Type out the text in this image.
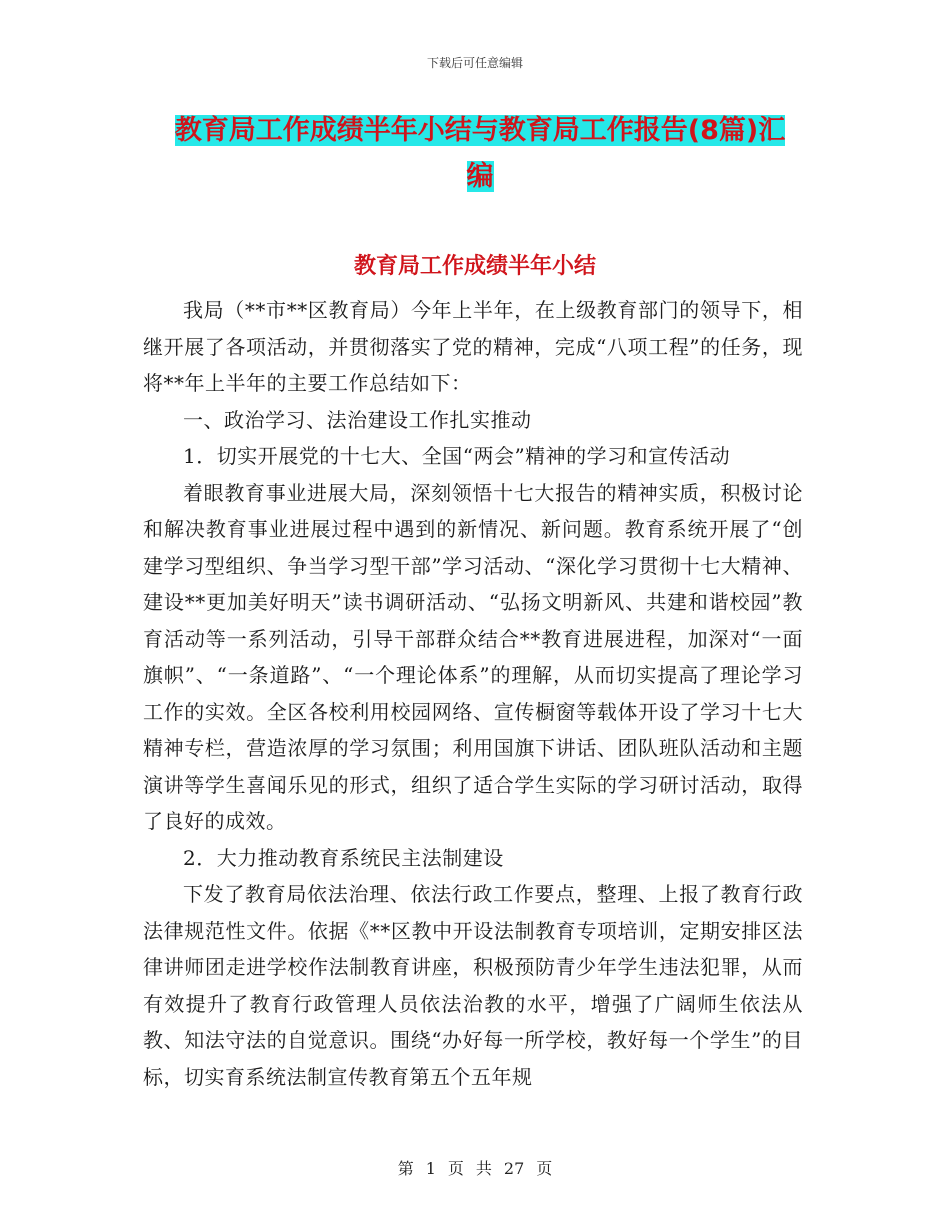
下载后可任意编辑
教育局工作成绩半年小结与教育局工作报告(8篇)汇
编
教育局工作成绩半年小结

我局（**市**区教育局）今年上半年，在上级教育部门的领导下，相继开展了各项活动，并贯彻落实了党的精神，完成“八项工程”的任务，现将**年上半年的主要工作总结如下：

一、政治学习、法治建设工作扎实推动

1．切实开展党的十七大、全国“两会”精神的学习和宣传活动

着眼教育事业进展大局，深刻领悟十七大报告的精神实质，积极讨论和解决教育事业进展过程中遇到的新情况、新问题。教育系统开展了“创建学习型组织、争当学习型干部”学习活动、“深化学习贯彻十七大精神、建设**更加美好明天”读书调研活动、“弘扬文明新风、共建和谐校园”教育活动等一系列活动，引导干部群众结合**教育进展进程，加深对“一面旗帜”、“一条道路”、“一个理论体系”的理解，从而切实提高了理论学习工作的实效。全区各校利用校园网络、宣传橱窗等载体开设了学习十七大精神专栏，营造浓厚的学习氛围；利用国旗下讲话、团队班队活动和主题演讲等学生喜闻乐见的形式，组织了适合学生实际的学习研讨活动，取得了良好的成效。

2．大力推动教育系统民主法制建设

下发了教育局依法治理、依法行政工作要点，整理、上报了教育行政法律规范性文件。依据《**区教中开设法制教育专项培训，定期安排区法律讲师团走进学校作法制教育讲座，积极预防青少年学生违法犯罪，从而有效提升了教育行政管理人员依法治教的水平，增强了广阔师生依法从教、知法守法的自觉意识。围绕“办好每一所学校，教好每一个学生”的目标，切实育系统法制宣传教育第五个五年规

第 1 页 共 27 页
